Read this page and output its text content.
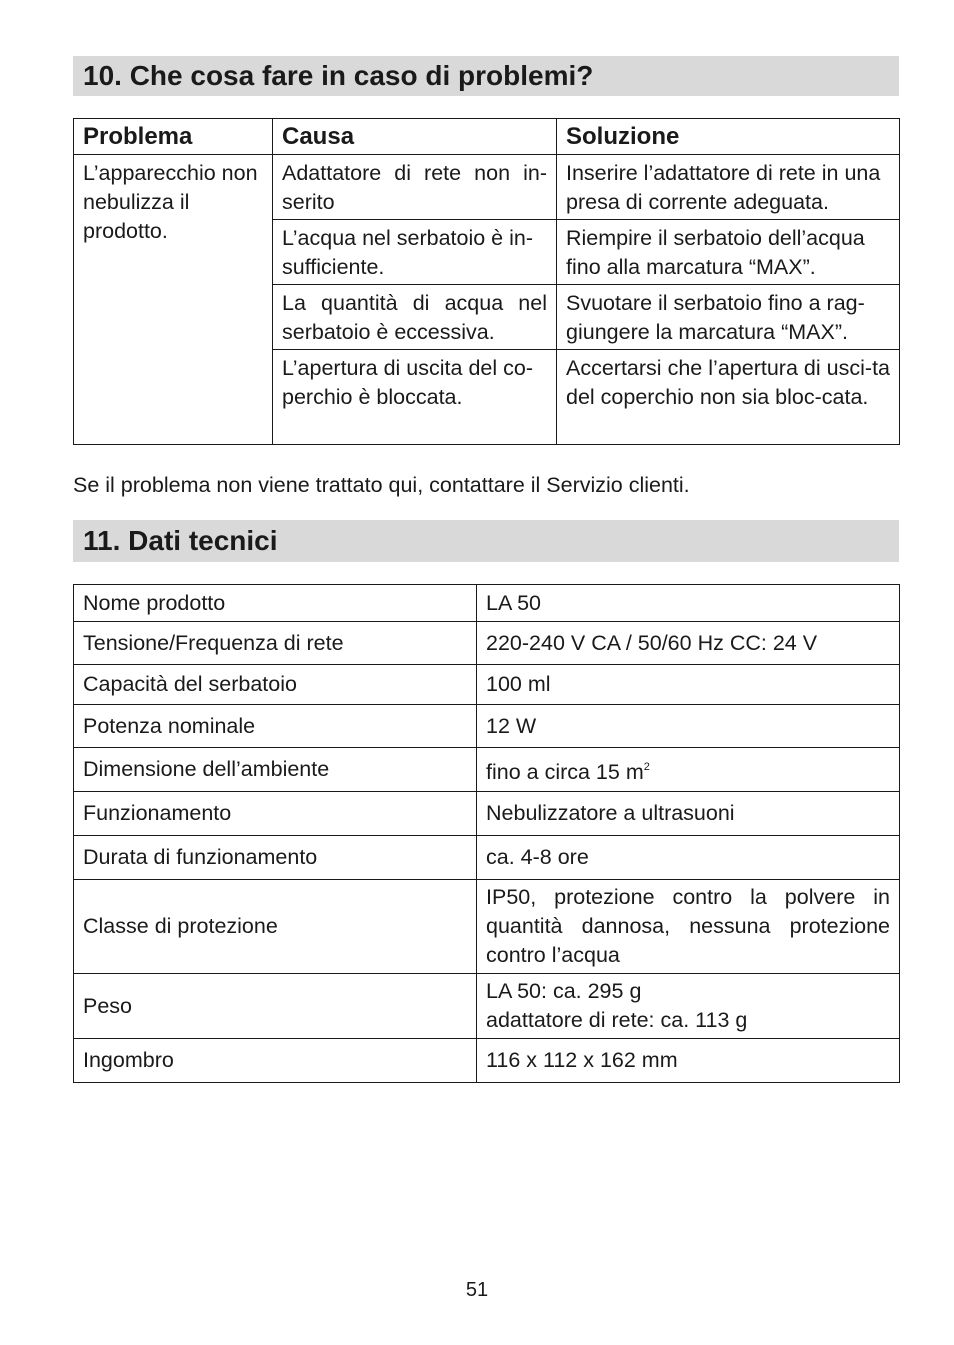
10. Che cosa fare in caso di problemi?
Problema	Causa	Soluzione
L’apparecchio non nebulizza il prodotto.	Adattatore di rete non in-serito	Inserire l’adattatore di rete in una presa di corrente adeguata.
	L’acqua nel serbatoio è in-sufficiente.	Riempire il serbatoio dell’acqua fino alla marcatura “MAX”.
	La quantità di acqua nel serbatoio è eccessiva.	Svuotare il serbatoio fino a rag-giungere la marcatura “MAX”.
	L’apertura di uscita del co-perchio è bloccata.	Accertarsi che l’apertura di usci-ta del coperchio non sia bloc-cata.
Se il problema non viene trattato qui, contattare il Servizio clienti.
11. Dati tecnici
Nome prodotto	LA 50
Tensione/Frequenza di rete	220-240 V CA / 50/60 Hz CC: 24 V
Capacità del serbatoio	100 ml
Potenza nominale	12 W
Dimensione dell’ambiente	fino a circa 15 $m^2$
Funzionamento	Nebulizzatore a ultrasuoni
Durata di funzionamento	ca. 4-8 ore
Classe di protezione	IP50, protezione contro la polvere in quantità dannosa, nessuna protezione contro l’acqua
Peso	LA 50: ca. 295 g
adattatore di rete: ca. 113 g

Ingombro	116 x 112 x 162 mm
51
